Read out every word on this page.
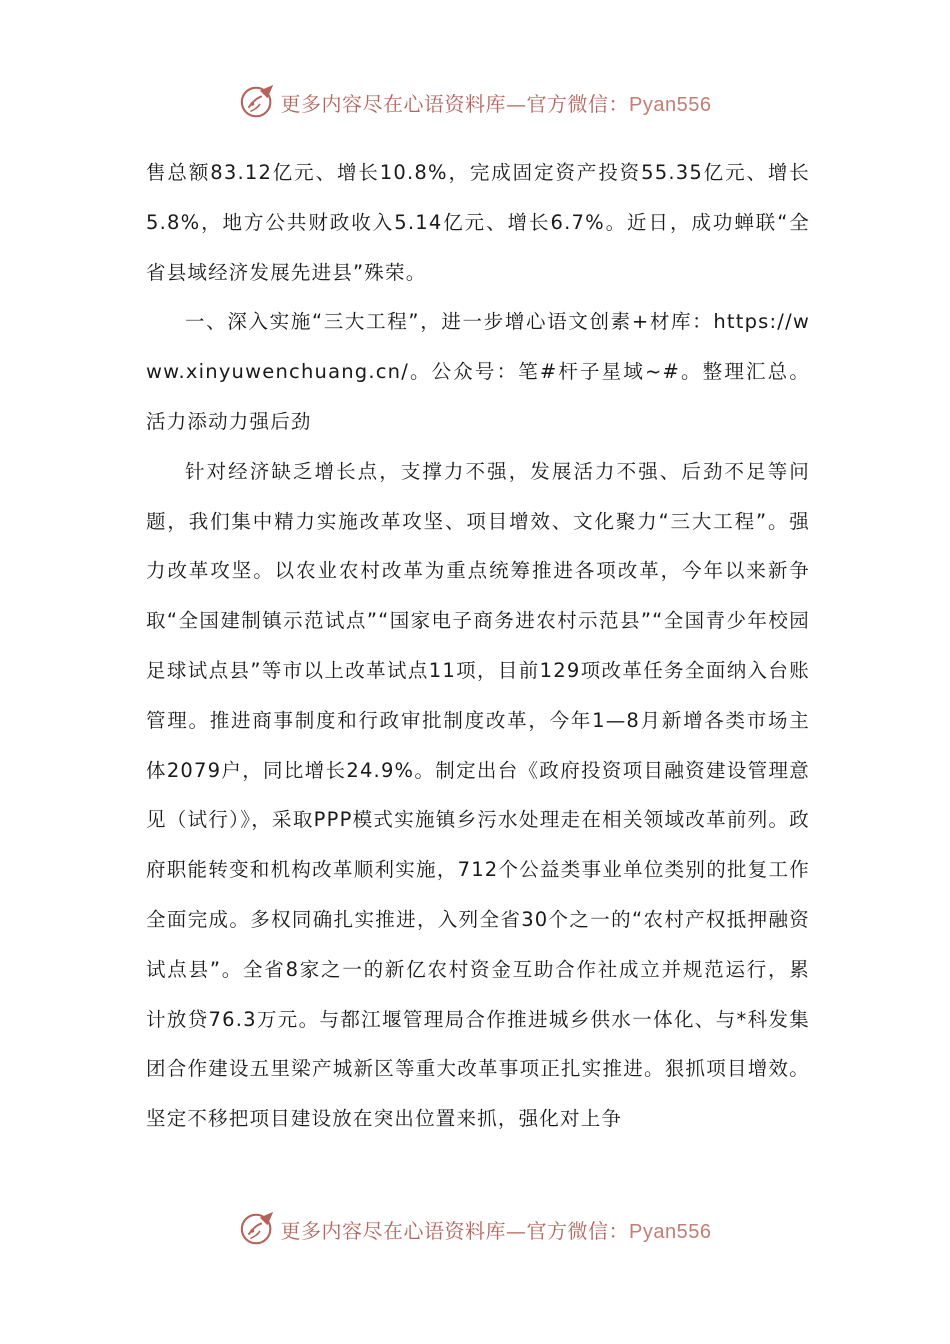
更多内容尽在心语资料库—官方微信：Pyan556

售总额83.12亿元、增长10.8%，完成固定资产投资55.35亿元、增长5.8%，地方公共财政收入5.14亿元、增长6.7%。近日，成功蝉联“全省县域经济发展先进县”殊荣。

一、深入实施“三大工程”，进一步增心语文创素+材库：https://www.xinyuwenchuang.cn/。公众号：笔#杆子星域~#。整理汇总。活力添动力强后劲

针对经济缺乏增长点，支撑力不强，发展活力不强、后劲不足等问题，我们集中精力实施改革攻坚、项目增效、文化聚力“三大工程”。强力改革攻坚。以农业农村改革为重点统筹推进各项改革，今年以来新争取“全国建制镇示范试点”“国家电子商务进农村示范县”“全国青少年校园足球试点县”等市以上改革试点11项，目前129项改革任务全面纳入台账管理。推进商事制度和行政审批制度改革，今年1—8月新增各类市场主体2079户，同比增长24.9%。制定出台《政府投资项目融资建设管理意见（试行）》，采取PPP模式实施镇乡污水处理走在相关领域改革前列。政府职能转变和机构改革顺利实施，712个公益类事业单位类别的批复工作全面完成。多权同确扎实推进，入列全省30个之一的“农村产权抵押融资试点县”。全省8家之一的新亿农村资金互助合作社成立并规范运行，累计放贷76.3万元。与都江堰管理局合作推进城乡供水一体化、与*科发集团合作建设五里梁产城新区等重大改革事项正扎实推进。狠抓项目增效。坚定不移把项目建设放在突出位置来抓，强化对上争

更多内容尽在心语资料库—官方微信：Pyan556
